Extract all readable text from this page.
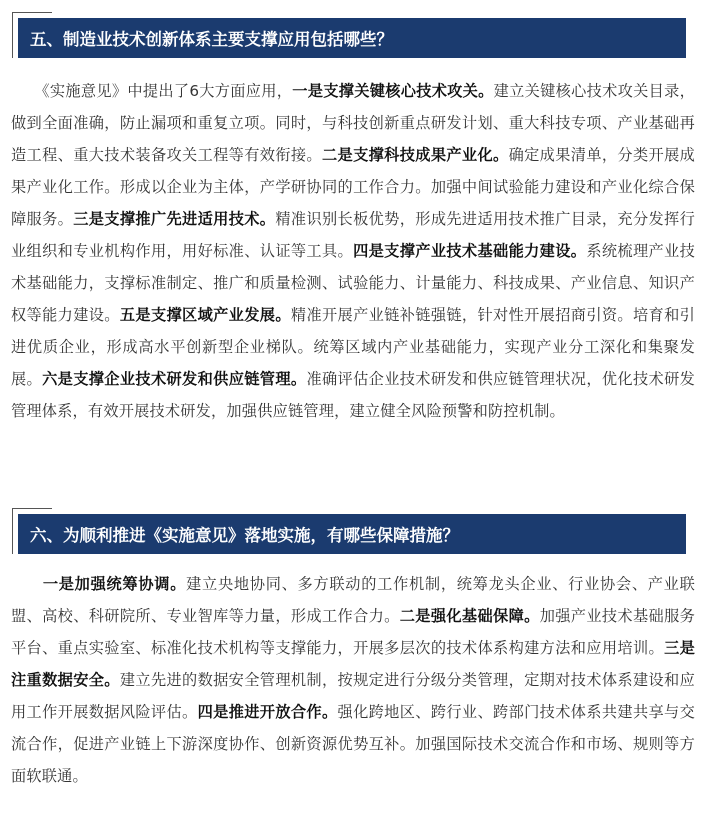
五、制造业技术创新体系主要支撑应用包括哪些？

　　《实施意见》中提出了6大方面应用，一是支撑关键核心技术攻关。建立关键核心技术攻关目录，做到全面准确，防止漏项和重复立项。同时，与科技创新重点研发计划、重大科技专项、产业基础再造工程、重大技术装备攻关工程等有效衔接。二是支撑科技成果产业化。确定成果清单，分类开展成果产业化工作。形成以企业为主体，产学研协同的工作合力。加强中间试验能力建设和产业化综合保障服务。三是支撑推广先进适用技术。精准识别长板优势，形成先进适用技术推广目录，充分发挥行业组织和专业机构作用，用好标准、认证等工具。四是支撑产业技术基础能力建设。系统梳理产业技术基础能力，支撑标准制定、推广和质量检测、试验能力、计量能力、科技成果、产业信息、知识产权等能力建设。五是支撑区域产业发展。精准开展产业链补链强链，针对性开展招商引资。培育和引进优质企业，形成高水平创新型企业梯队。统筹区域内产业基础能力，实现产业分工深化和集聚发展。六是支撑企业技术研发和供应链管理。准确评估企业技术研发和供应链管理状况，优化技术研发管理体系，有效开展技术研发，加强供应链管理，建立健全风险预警和防控机制。

六、为顺利推进《实施意见》落地实施，有哪些保障措施？

　　一是加强统筹协调。建立央地协同、多方联动的工作机制，统筹龙头企业、行业协会、产业联盟、高校、科研院所、专业智库等力量，形成工作合力。二是强化基础保障。加强产业技术基础服务平台、重点实验室、标准化技术机构等支撑能力，开展多层次的技术体系构建方法和应用培训。三是注重数据安全。建立先进的数据安全管理机制，按规定进行分级分类管理，定期对技术体系建设和应用工作开展数据风险评估。四是推进开放合作。强化跨地区、跨行业、跨部门技术体系共建共享与交流合作，促进产业链上下游深度协作、创新资源优势互补。加强国际技术交流合作和市场、规则等方面软联通。
